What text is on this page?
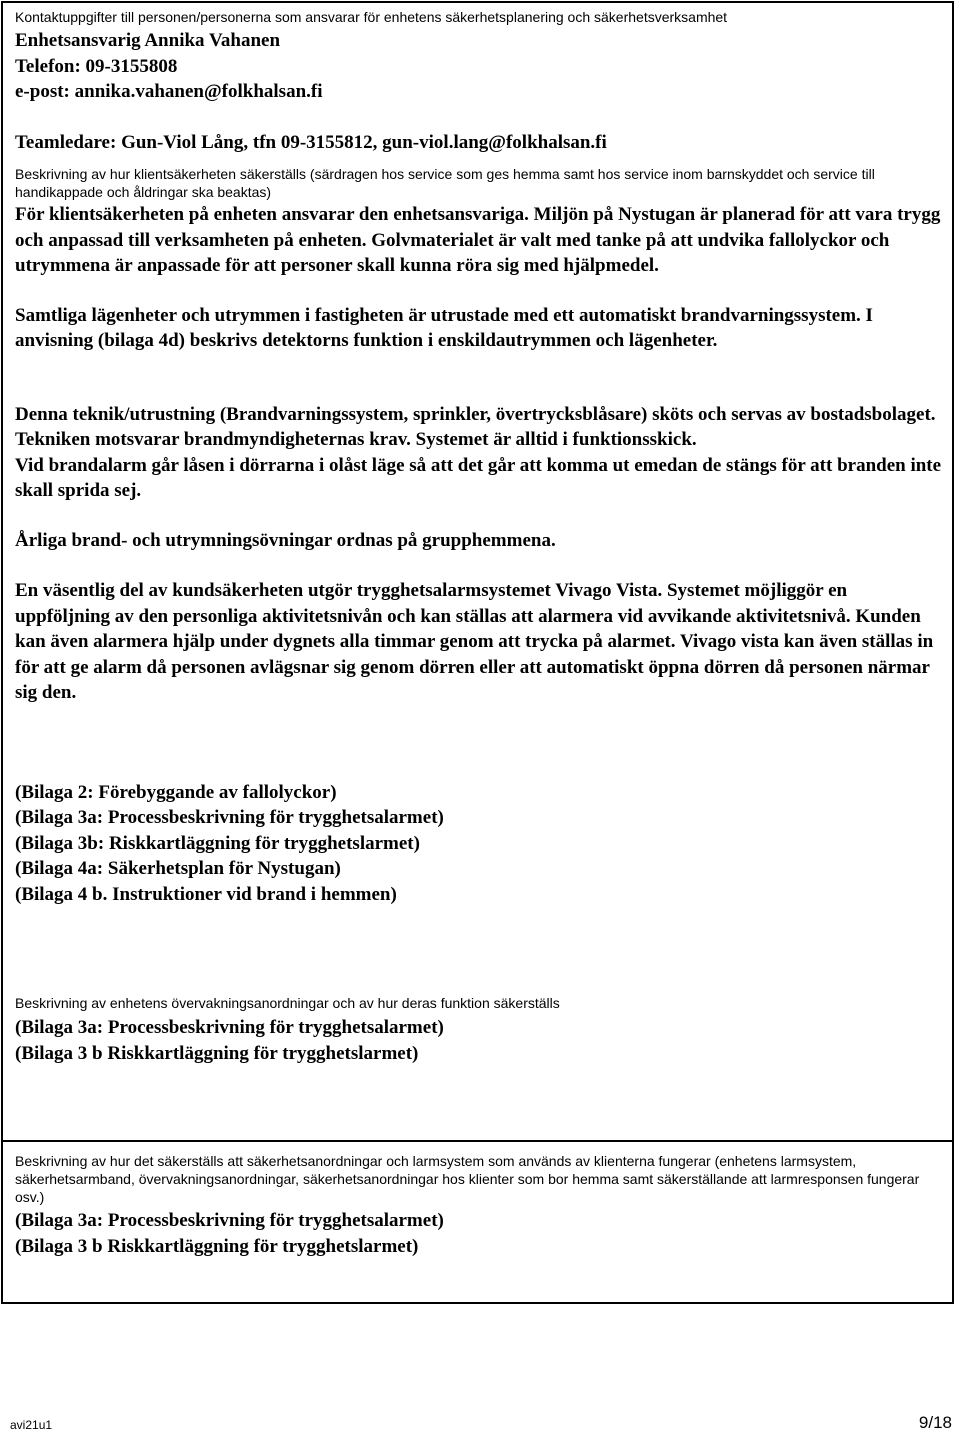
Kontaktuppgifter till personen/personerna som ansvarar för enhetens säkerhetsplanering och säkerhetsverksamhet

Enhetsansvarig Annika Vahanen

Telefon: 09-3155808

e-post: annika.vahanen@folkhalsan.fi

Teamledare: Gun-Viol Lång, tfn 09-3155812, gun-viol.lang@folkhalsan.fi

Beskrivning av hur klientsäkerheten säkerställs (särdragen hos service som ges hemma samt hos service inom barnskyddet och service till handikappade och åldringar ska beaktas)

För klientsäkerheten på enheten ansvarar den enhetsansvariga. Miljön på Nystugan är planerad för att vara trygg och anpassad till verksamheten på enheten. Golvmaterialet är valt med tanke på att undvika fallolyckor och utrymmena är anpassade för att personer skall kunna röra sig med hjälpmedel.

Samtliga lägenheter och utrymmen i fastigheten är utrustade med ett automatiskt brandvarningssystem. I anvisning (bilaga 4d) beskrivs detektorns funktion i enskildautrymmen och lägenheter.

Denna teknik/utrustning (Brandvarningssystem, sprinkler, övertrycksblåsare) sköts och servas av bostadsbolaget.

Tekniken motsvarar brandmyndigheternas krav. Systemet är alltid i funktionsskick.

Vid brandalarm går låsen i dörrarna i olåst läge så att det går att komma ut emedan de stängs för att branden inte skall sprida sej.

Årliga brand- och utrymningsövningar ordnas på grupphemmena.

En väsentlig del av kundsäkerheten utgör trygghetsalarmsystemet Vivago Vista. Systemet möjliggör en uppföljning av den personliga aktivitetsnivån och kan ställas att alarmera vid avvikande aktivitetsnivå. Kunden kan även alarmera hjälp under dygnets alla timmar genom att trycka på alarmet. Vivago vista kan även ställas in för att ge alarm då personen avlägsnar sig genom dörren eller att automatiskt öppna dörren då personen närmar sig den.

(Bilaga 2: Förebyggande av fallolyckor)

(Bilaga 3a: Processbeskrivning för trygghetsalarmet)

(Bilaga 3b: Riskkartläggning för trygghetslarmet)

(Bilaga 4a: Säkerhetsplan för Nystugan)

(Bilaga 4 b. Instruktioner vid brand i hemmen)

Beskrivning av enhetens övervakningsanordningar och av hur deras funktion säkerställs

(Bilaga 3a: Processbeskrivning för trygghetsalarmet)

(Bilaga 3 b Riskkartläggning för trygghetslarmet)

Beskrivning av hur det säkerställs att säkerhetsanordningar och larmsystem som används av klienterna fungerar (enhetens larmsystem, säkerhetsarmband, övervakningsanordningar, säkerhetsanordningar hos klienter som bor hemma samt säkerställande att larmresponsen fungerar osv.)

(Bilaga 3a: Processbeskrivning för trygghetsalarmet)

(Bilaga 3 b Riskkartläggning för trygghetslarmet)

avi21u1	9/18
